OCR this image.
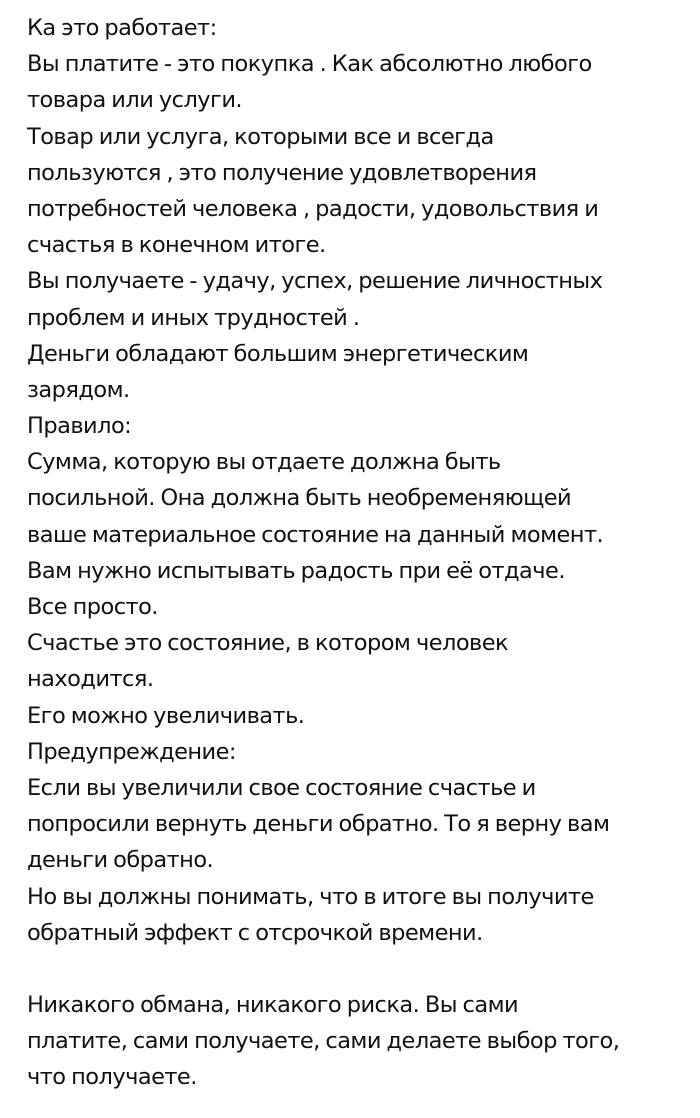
Ка это работает:
Вы платите - это покупка . Как абсолютно любого
товара или услуги.
Товар или услуга, которыми все и всегда
пользуются , это получение удовлетворения
потребностей человека , радости, удовольствия и
счастья в конечном итоге.
Вы получаете - удачу, успех, решение личностных
проблем и иных трудностей .
Деньги обладают большим энергетическим
зарядом.
Правило:
Сумма, которую вы отдаете должна быть
посильной. Она должна быть необременяющей
ваше материальное состояние на данный момент.
Вам нужно испытывать радость при её отдаче.
Все просто.
Счастье это состояние, в котором человек
находится.
Его можно увеличивать.
Предупреждение:
Если вы увеличили свое состояние счастье и
попросили вернуть деньги обратно. То я верну вам
деньги обратно.
Но вы должны понимать, что в итоге вы получите
обратный эффект с отсрочкой времени.
Никакого обмана, никакого риска. Вы сами
платите, сами получаете, сами делаете выбор того,
что получаете.
